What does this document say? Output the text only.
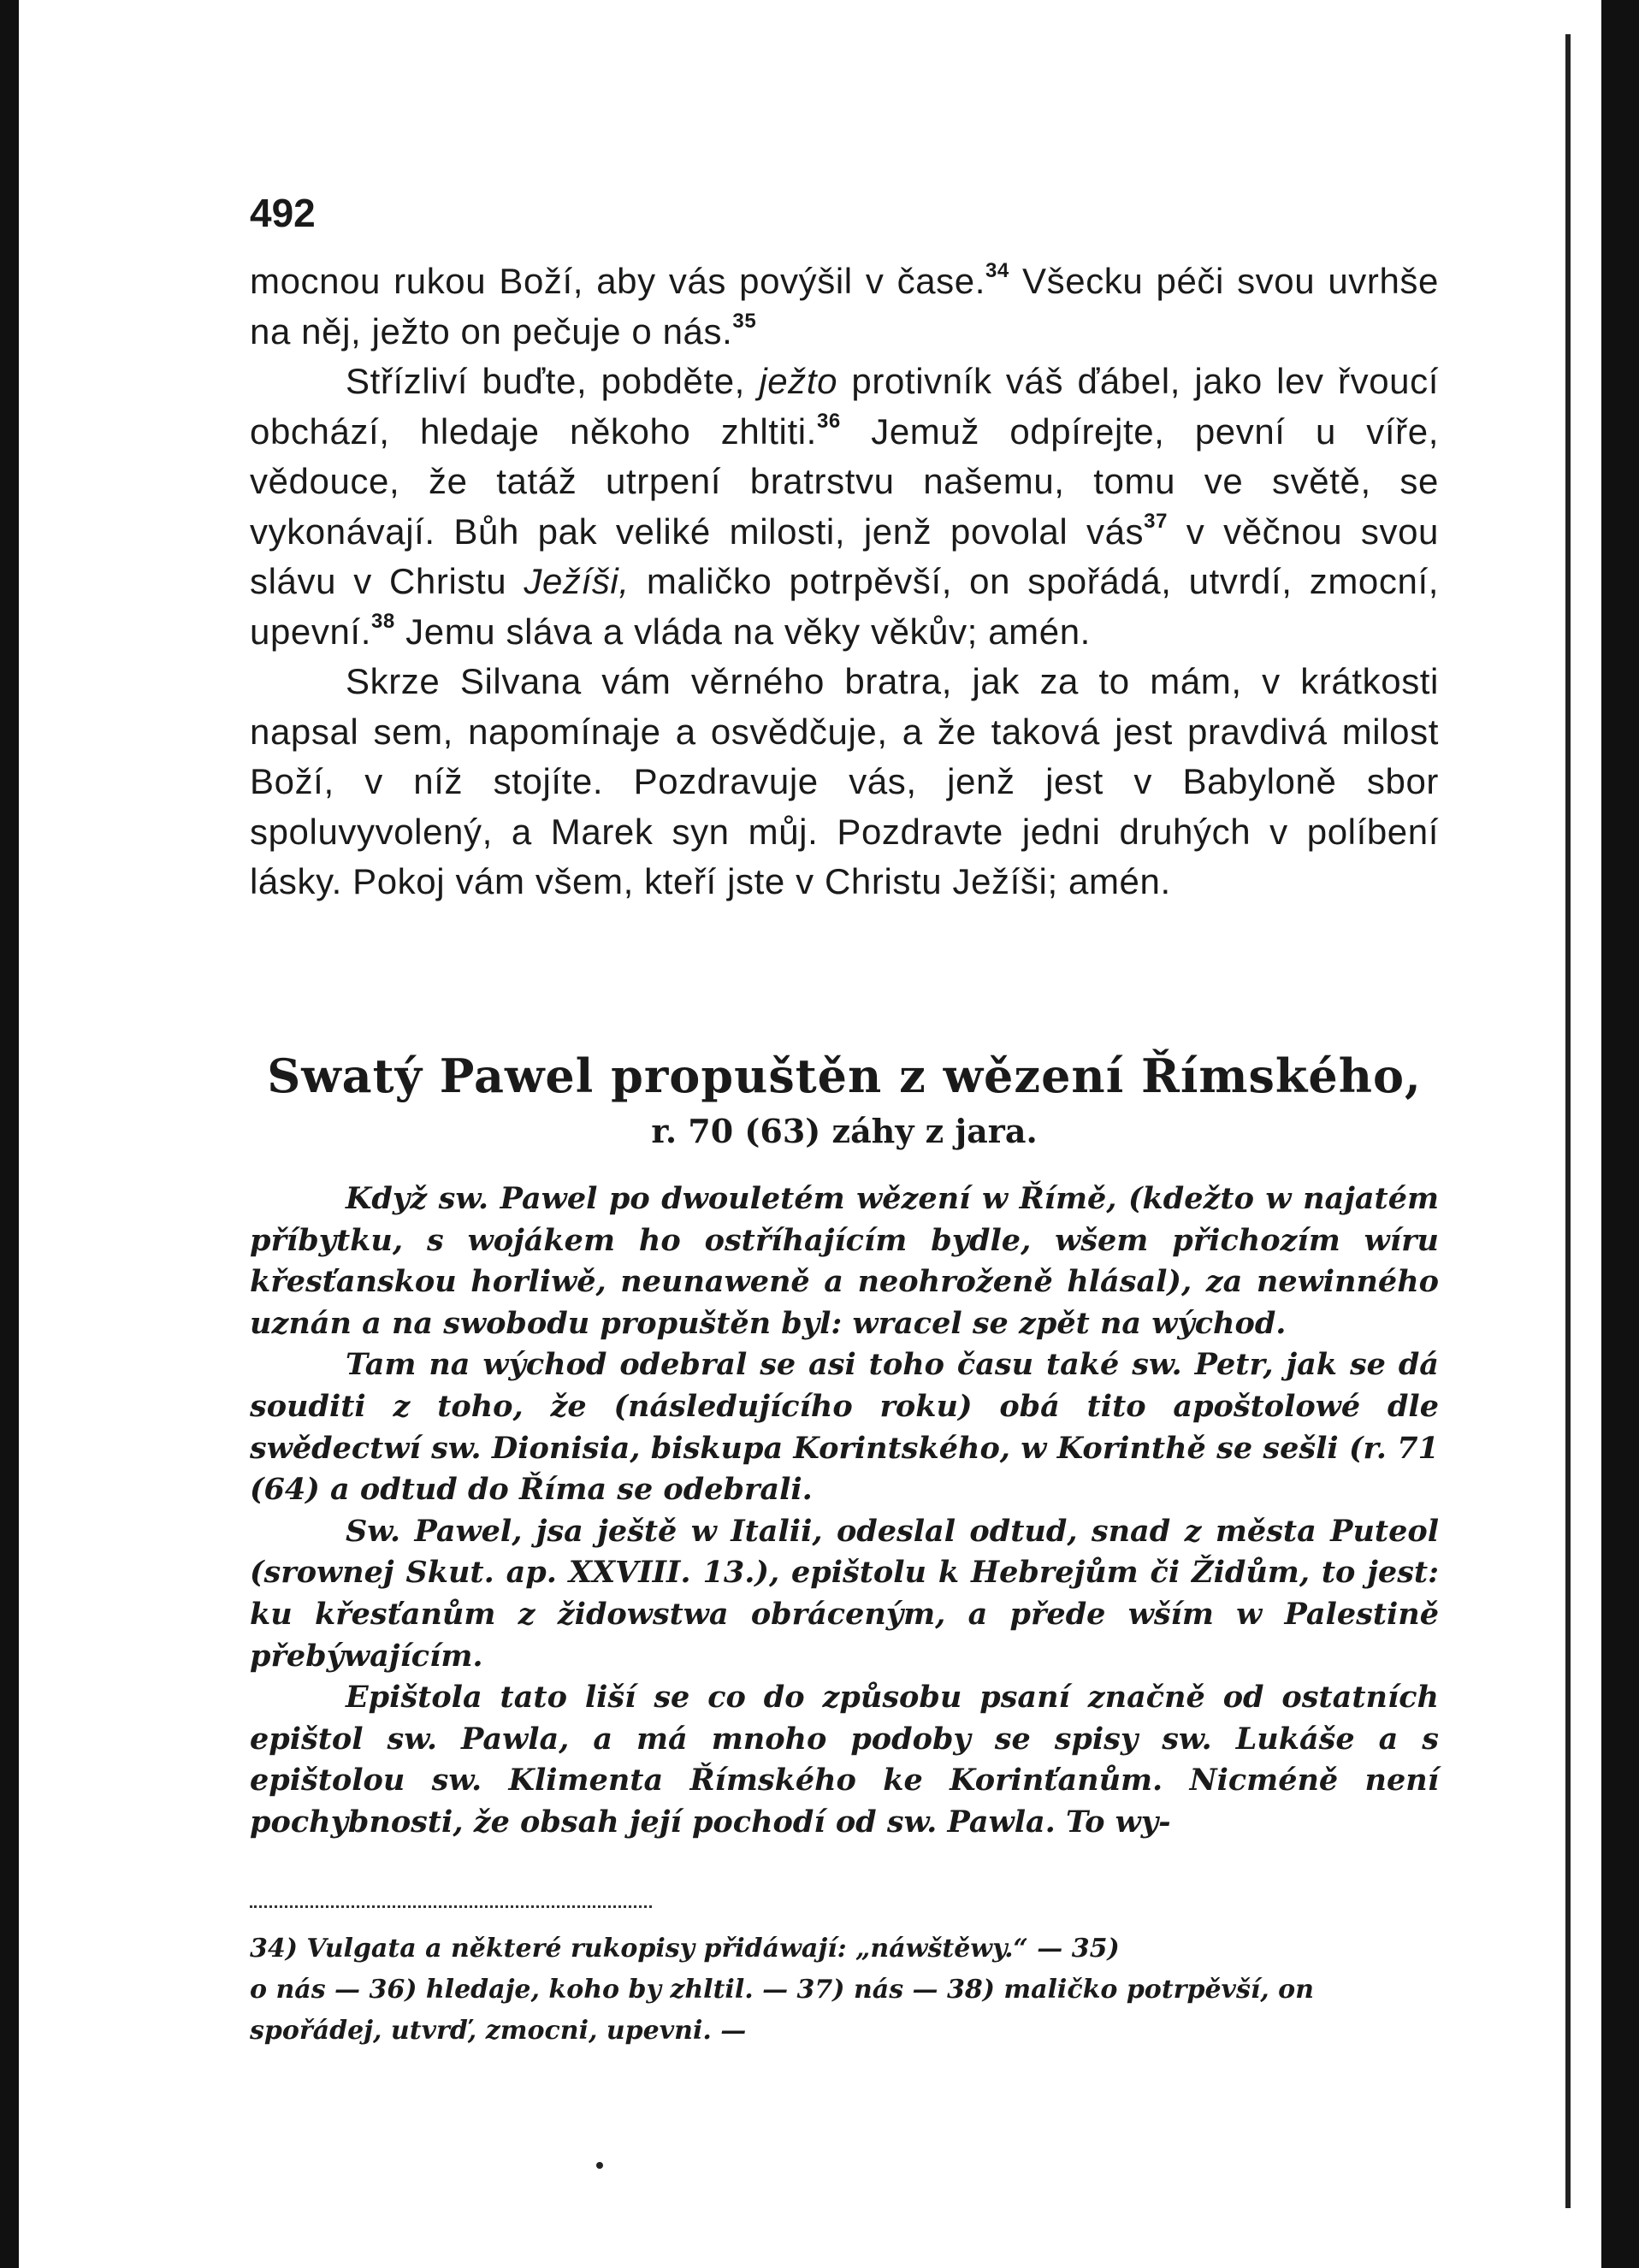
492

mocnou rukou Boží, aby vás povýšil v čase.$^{34}$ Všecku péči svou uvrhše na něj, ježto on pečuje o nás.$^{35}$

Střízliví buďte, pobděte, ježto protivník váš ďábel, jako lev řvoucí obchází, hledaje někoho zhltiti.$^{36}$ Jemuž odpírejte, pevní u víře, vědouce, že tatáž utrpení bratrstvu našemu, tomu ve světě, se vykonávají. Bůh pak veliké milosti, jenž povolal vás$^{37}$ v věčnou svou slávu v Christu Ježíši, maličko potrpěvší, on spořádá, utvrdí, zmocní, upevní.$^{38}$ Jemu sláva a vláda na věky věkův; amén.

Skrze Silvana vám věrného bratra, jak za to mám, v krátkosti napsal sem, napomínaje a osvědčuje, a že taková jest pravdivá milost Boží, v níž stojíte. Pozdravuje vás, jenž jest v Babyloně sbor spoluvyvolený, a Marek syn můj. Pozdravte jedni druhých v políbení lásky. Pokoj vám všem, kteří jste v Christu Ježíši; amén.

Swatý Pawel propuštěn z wězení Římského,
r. 70 (63) záhy z jara.

Když sw. Pawel po dwouletém wězení w Římě, (kdežto w najatém příbytku, s wojákem ho ostříhajícím bydle, wšem přichozím wíru křesťanskou horliwě, neunaweně a neohroženě hlásal), za newinného uznán a na swobodu propuštěn byl: wracel se zpět na wýchod.

Tam na wýchod odebral se asi toho času také sw. Petr, jak se dá souditi z toho, že (následujícího roku) obá tito apoštolowé dle swědectwí sw. Dionisia, biskupa Korintského, w Korinthě se sešli (r. 71 (64) a odtud do Říma se odebrali.

Sw. Pawel, jsa ještě w Italii, odeslal odtud, snad z města Puteol (srownej Skut. ap. XXVIII. 13.), epištolu k Hebrejům či Židům, to jest: ku křesťanům z židowstwa obráceným, a přede wším w Palestině přebýwajícím.

Epištola tato liší se co do způsobu psaní značně od ostatních epištol sw. Pawla, a má mnoho podoby se spisy sw. Lukáše a s epištolou sw. Klimenta Římského ke Korinťanům. Nicméně není pochybnosti, že obsah její pochodí od sw. Pawla. To wy-

34) Vulgata a některé rukopisy přidáwají: „náwštěwy.“ — 35)

o nás — 36) hledaje, koho by zhltil. — 37) nás — 38) maličko potrpěvší, on

spořádej, utvrď, zmocni, upevni. —
